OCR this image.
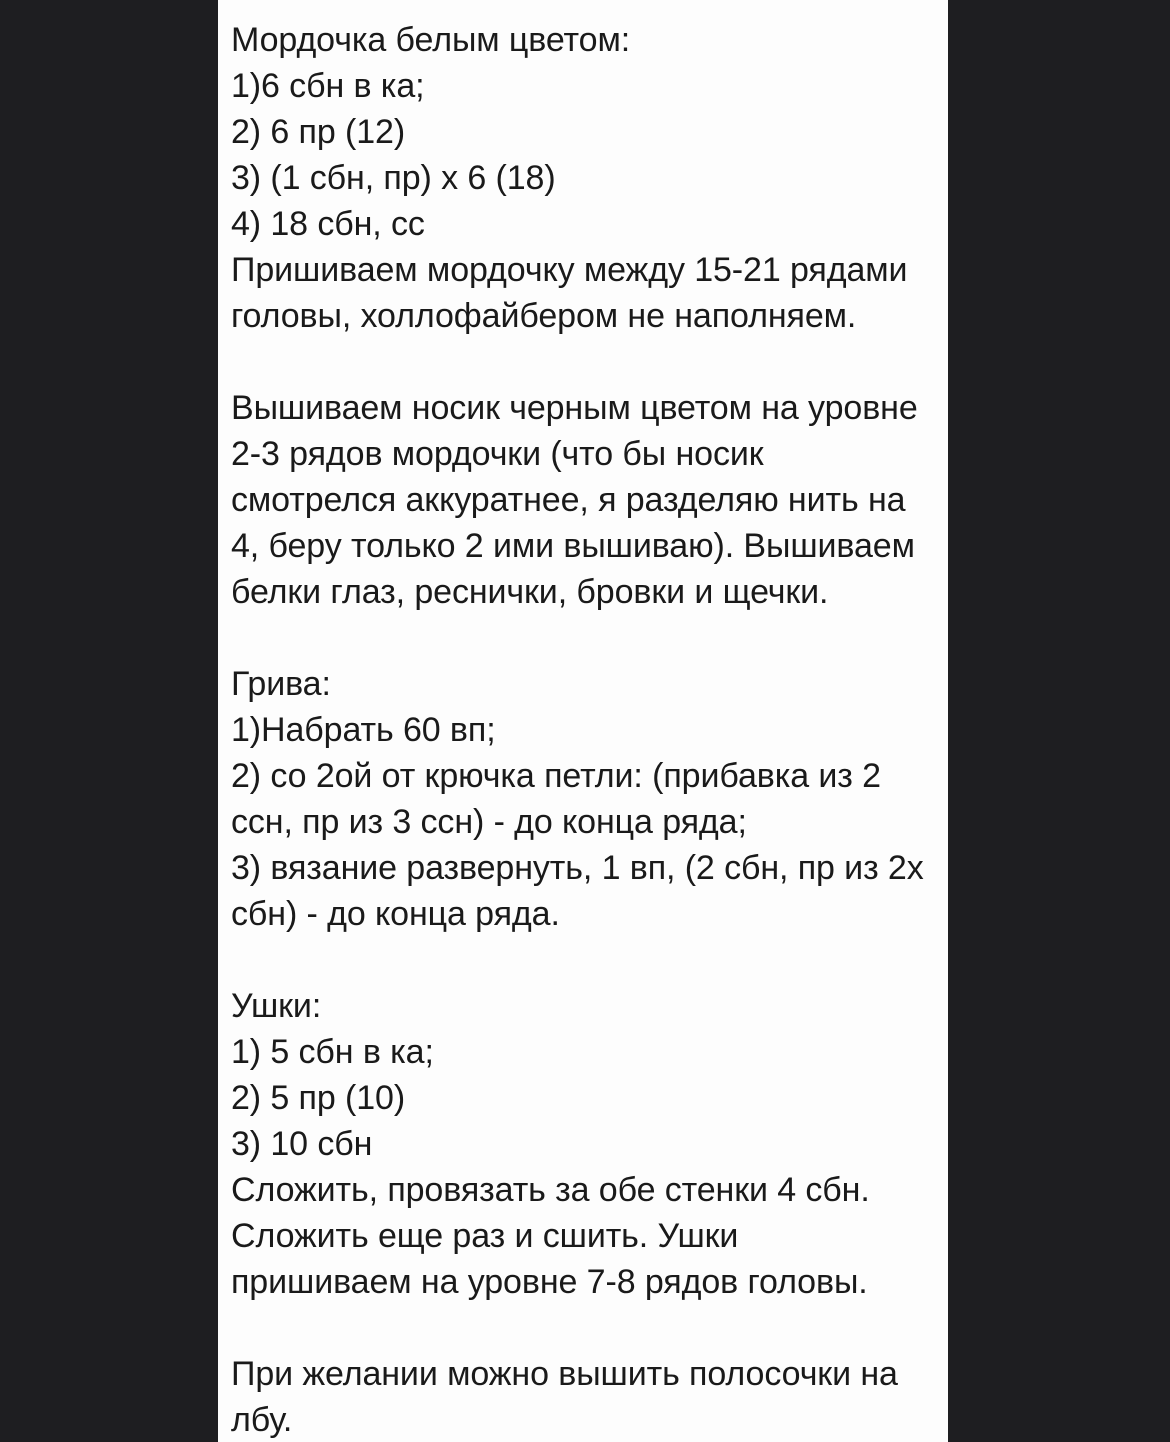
Мордочка белым цветом:
1)6 сбн в ка;
2) 6 пр (12)
3) (1 сбн, пр) x 6 (18)
4) 18 сбн, сс
Пришиваем мордочку между 15-21 рядами
головы, холлофайбером не наполняем.
Вышиваем носик черным цветом на уровне
2-3 рядов мордочки (что бы носик
смотрелся аккуратнее, я разделяю нить на
4, беру только 2 ими вышиваю). Вышиваем
белки глаз, реснички, бровки и щечки.
Грива:
1)Набрать 60 вп;
2) со 2ой от крючка петли: (прибавка из 2
ссн, пр из 3 ссн) - до конца ряда;
3) вязание развернуть, 1 вп, (2 сбн, пр из 2х
сбн) - до конца ряда.
Ушки:
1) 5 сбн в ка;
2) 5 пр (10)
3) 10 сбн
Сложить, провязать за обе стенки 4 сбн.
Сложить еще раз и сшить. Ушки
пришиваем на уровне 7-8 рядов головы.
При желании можно вышить полосочки на
лбу.
